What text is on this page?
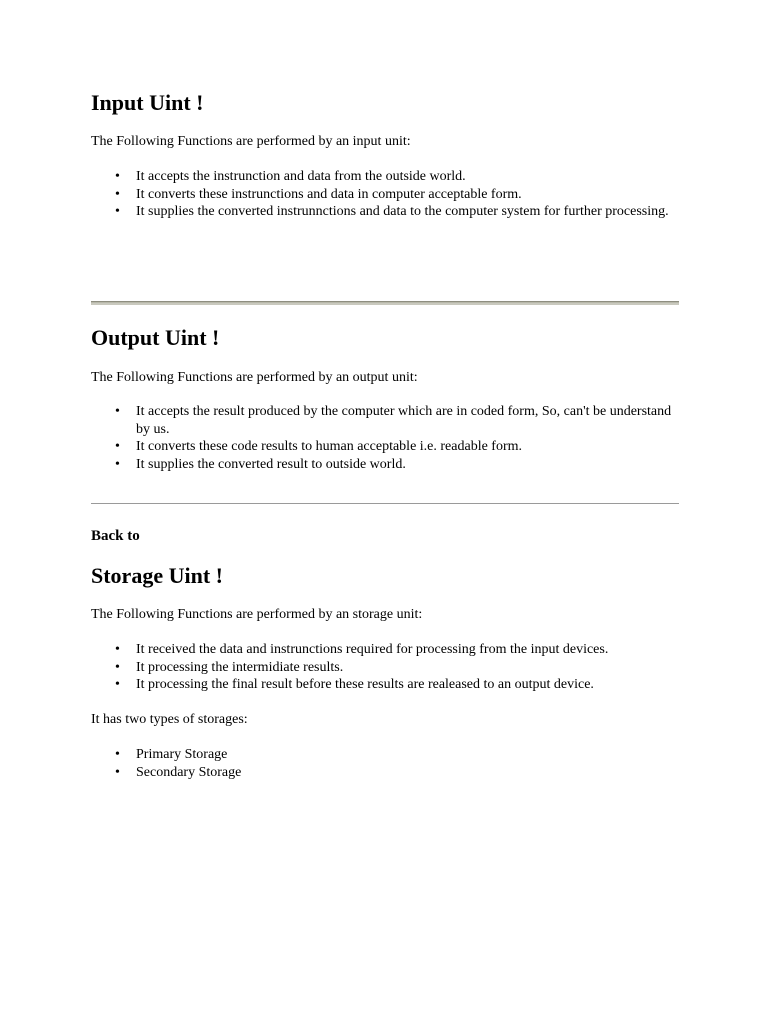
Input Uint !

The Following Functions are performed by an input unit:

• It accepts the instrunction and data from the outside world.
• It converts these instrunctions and data in computer acceptable form.
• It supplies the converted instrunnctions and data to the computer system for further processing.
Output Uint !

The Following Functions are performed by an output unit:

• It accepts the result produced by the computer which are in coded form, So, can't be understand by us.
• It converts these code results to human acceptable i.e. readable form.
• It supplies the converted result to outside world.
Back to
Storage Uint !

The Following Functions are performed by an storage unit:

• It received the data and instrunctions required for processing from the input devices.
• It processing the intermidiate results.
• It processing the final result before these results are realeased to an output device.

It has two types of storages:

• Primary Storage
• Secondary Storage
